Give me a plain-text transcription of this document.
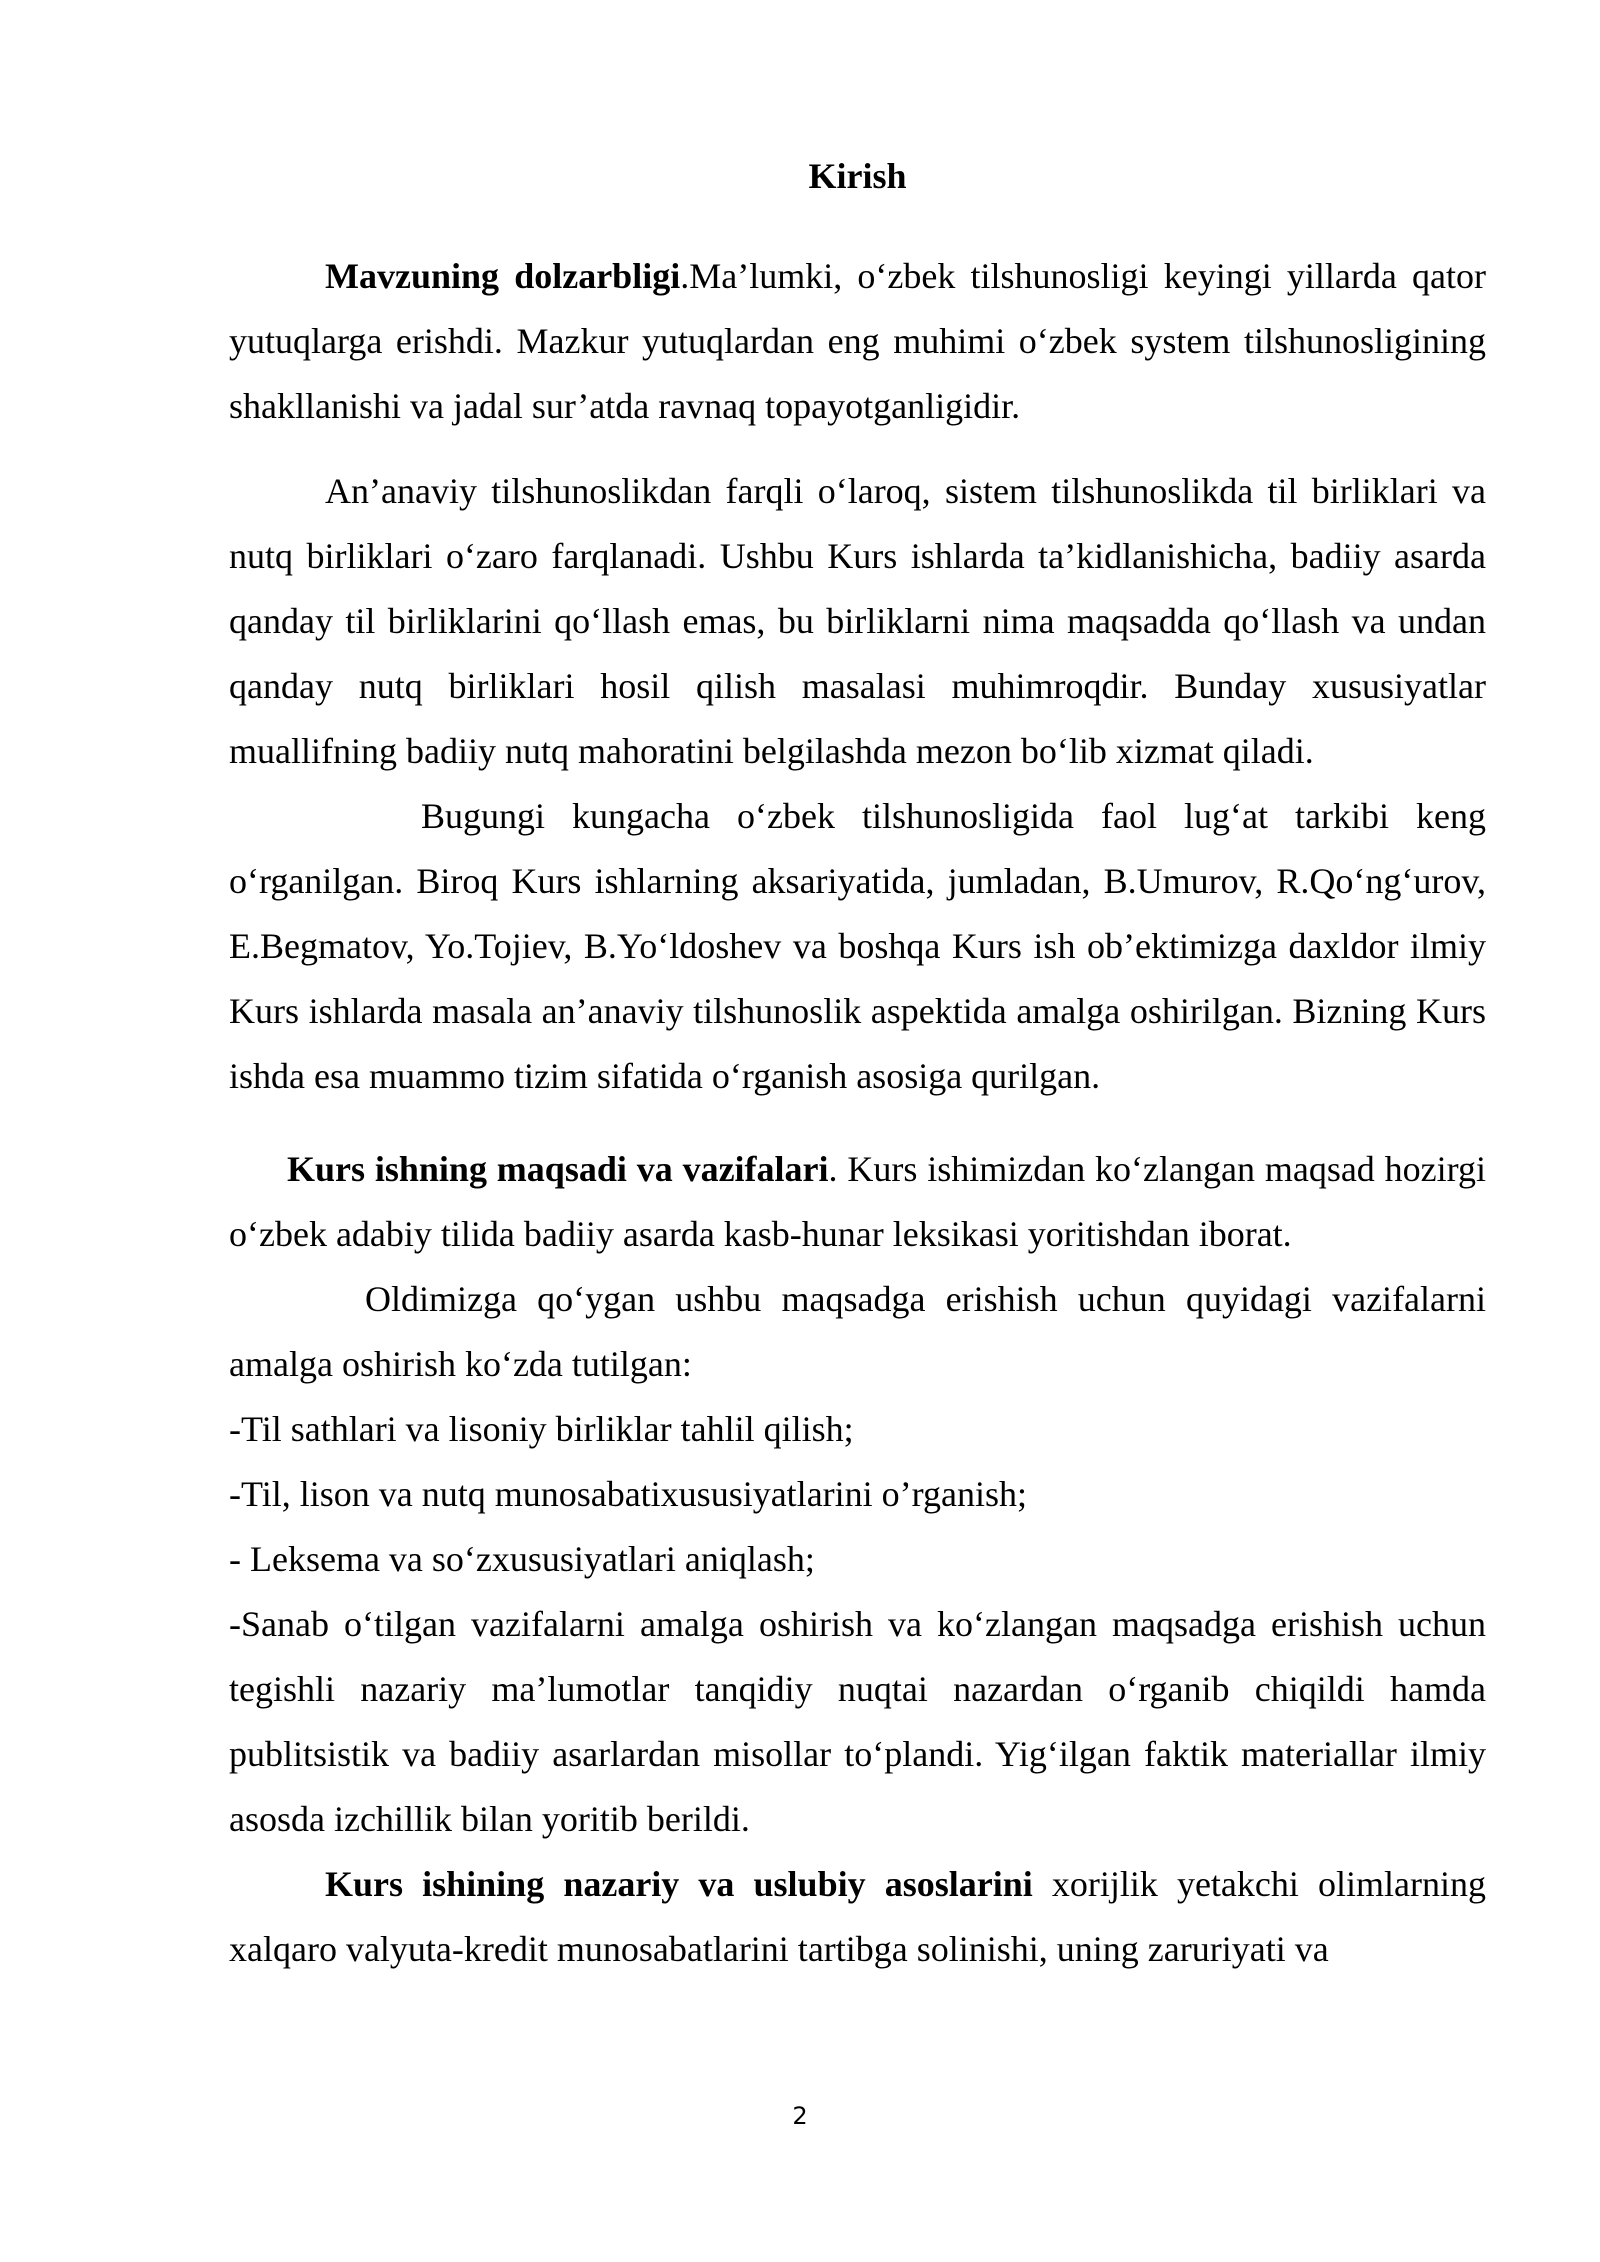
Kirish

Mavzuning dolzarbligi.Ma’lumki, o‘zbek tilshunosligi keyingi yillarda qator yutuqlarga erishdi. Mazkur yutuqlardan eng muhimi o‘zbek system tilshunosligining shakllanishi va jadal sur’atda ravnaq topayotganligidir.

An’anaviy tilshunoslikdan farqli o‘laroq, sistem tilshunoslikda til birliklari va nutq birliklari o‘zaro farqlanadi. Ushbu Kurs ishlarda ta’kidlanishicha, badiiy asarda qanday til birliklarini qo‘llash emas, bu birliklarni nima maqsadda qo‘llash va undan qanday nutq birliklari hosil qilish masalasi muhimroqdir. Bunday xususiyatlar muallifning badiiy nutq mahoratini belgilashda mezon bo‘lib xizmat qiladi.

Bugungi kungacha o‘zbek tilshunosligida faol lug‘at tarkibi keng o‘rganilgan. Biroq Kurs ishlarning aksariyatida, jumladan, B.Umurov, R.Qo‘ng‘urov, E.Begmatov, Yo.Tojiev, B.Yo‘ldoshev va boshqa Kurs ish ob’ektimizga daxldor ilmiy Kurs ishlarda masala an’anaviy tilshunoslik aspektida amalga oshirilgan. Bizning Kurs ishda esa muammo tizim sifatida o‘rganish asosiga qurilgan.

Kurs ishning maqsadi va vazifalari. Kurs ishimizdan ko‘zlangan maqsad hozirgi o‘zbek adabiy tilida badiiy asarda kasb-hunar leksikasi yoritishdan iborat.

Oldimizga qo‘ygan ushbu maqsadga erishish uchun quyidagi vazifalarni amalga oshirish ko‘zda tutilgan:

-Til sathlari va lisoniy birliklar tahlil qilish;

-Til, lison va nutq munosabatixususiyatlarini o’rganish;

- Leksema va so‘zxususiyatlari aniqlash;

-Sanab o‘tilgan vazifalarni amalga oshirish va ko‘zlangan maqsadga erishish uchun tegishli nazariy ma’lumotlar tanqidiy nuqtai nazardan o‘rganib chiqildi hamda publitsistik va badiiy asarlardan misollar to‘plandi. Yig‘ilgan faktik materiallar ilmiy asosda izchillik bilan yoritib berildi.

Kurs ishining nazariy va uslubiy asoslarini xorijlik yetakchi olimlarning xalqaro valyuta-kredit munosabatlarini tartibga solinishi, uning zaruriyati va

2
